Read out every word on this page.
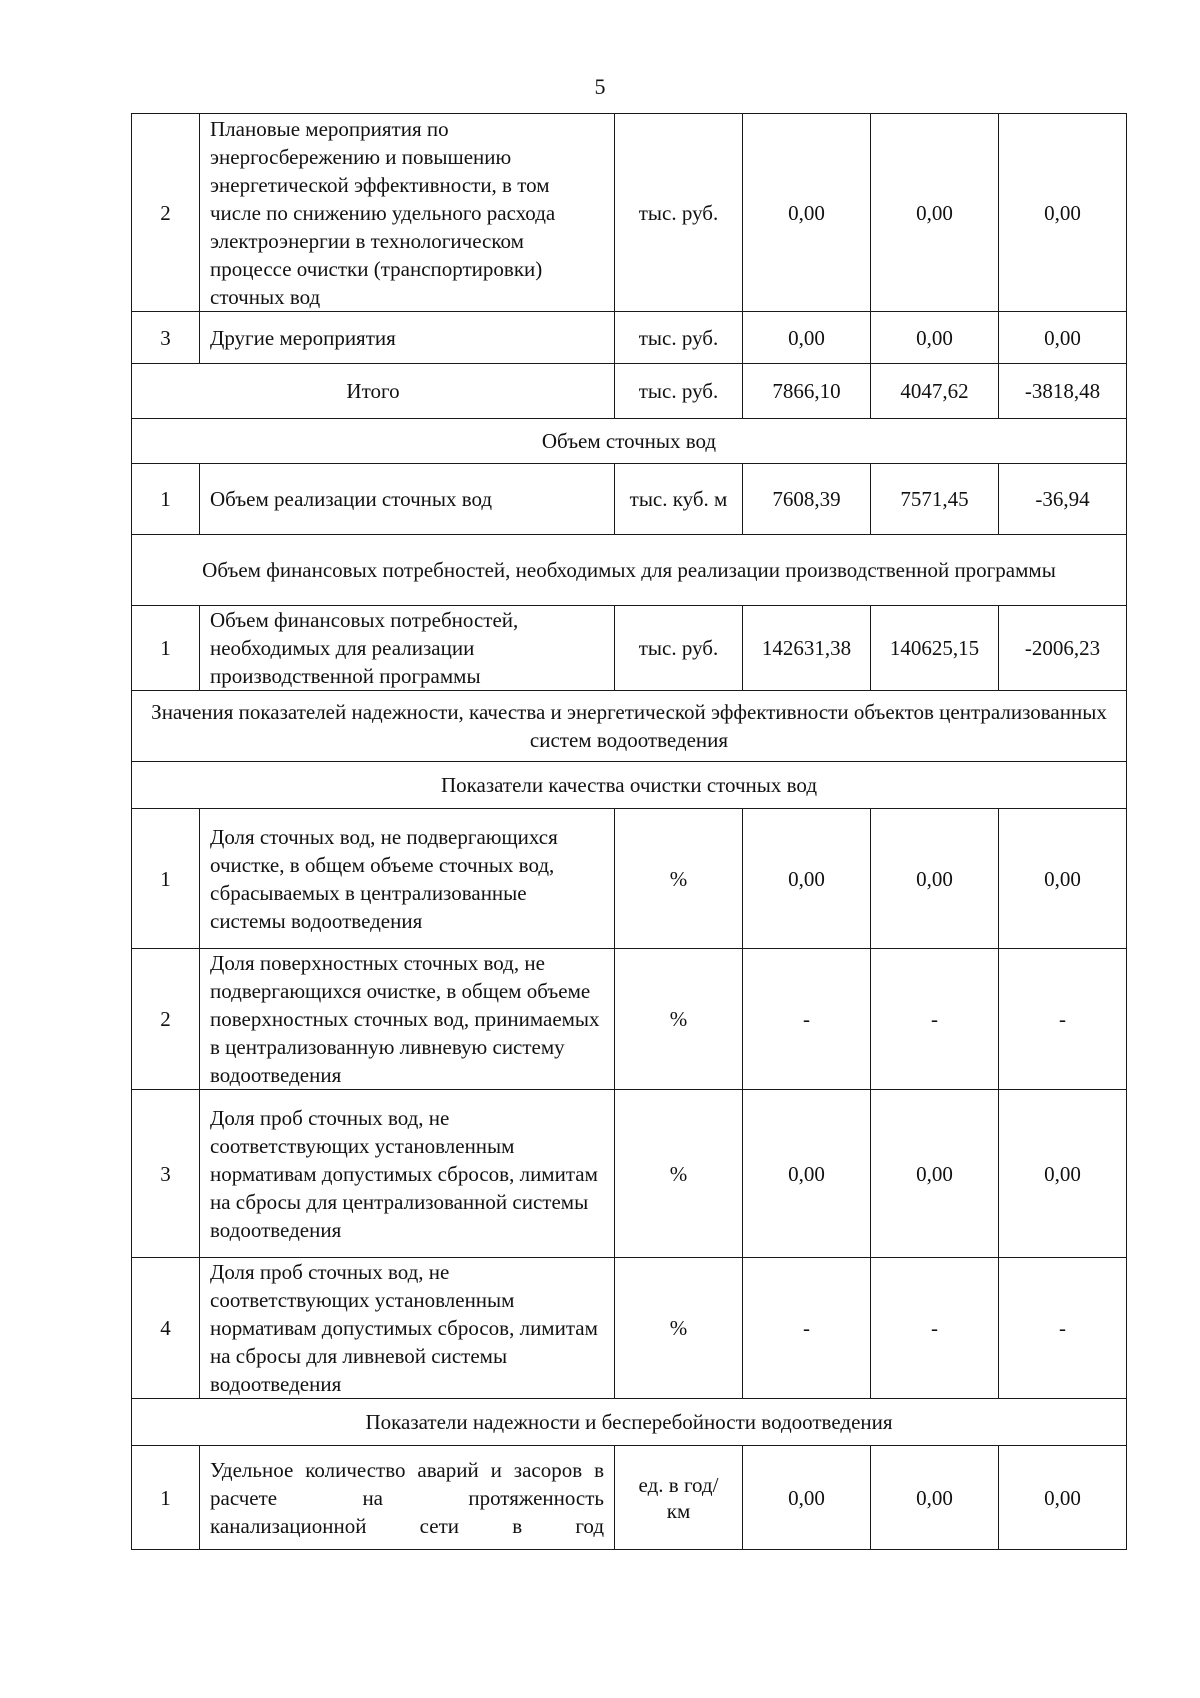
5
2	Плановые мероприятия по энергосбережению и повышению энергетической эффективности, в том числе по снижению удельного расхода электроэнергии в технологическом процессе очистки (транспортировки) сточных вод	тыс. руб.	0,00	0,00	0,00
3	Другие мероприятия	тыс. руб.	0,00	0,00	0,00
Итого		тыс. руб.	7866,10	4047,62	-3818,48
Объем сточных вод					
1	Объем реализации сточных вод	тыс. куб. м	7608,39	7571,45	-36,94
Объем финансовых потребностей, необходимых для реализации производственной программы					
1	Объем финансовых потребностей, необходимых для реализации производственной программы	тыс. руб.	142631,38	140625,15	-2006,23
Значения показателей надежности, качества и энергетической эффективности объектов централизованных систем водоотведения					
Показатели качества очистки сточных вод					
1	Доля сточных вод, не подвергающихся очистке, в общем объеме сточных вод, сбрасываемых в централизованные системы водоотведения	%	0,00	0,00	0,00
2	Доля поверхностных сточных вод, не подвергающихся очистке, в общем объеме поверхностных сточных вод, принимаемых в централизованную ливневую систему водоотведения	%	-	-	-
3	Доля проб сточных вод, не соответствующих установленным нормативам допустимых сбросов, лимитам на сбросы для централизованной системы водоотведения	%	0,00	0,00	0,00
4	Доля проб сточных вод, не соответствующих установленным нормативам допустимых сбросов, лимитам на сбросы для ливневой системы водоотведения	%	-	-	-
Показатели надежности и бесперебойности водоотведения					
1	Удельное количество аварий и засоров в расчете на протяженность канализационной сети в год	ед. в год/ км	0,00	0,00	0,00
